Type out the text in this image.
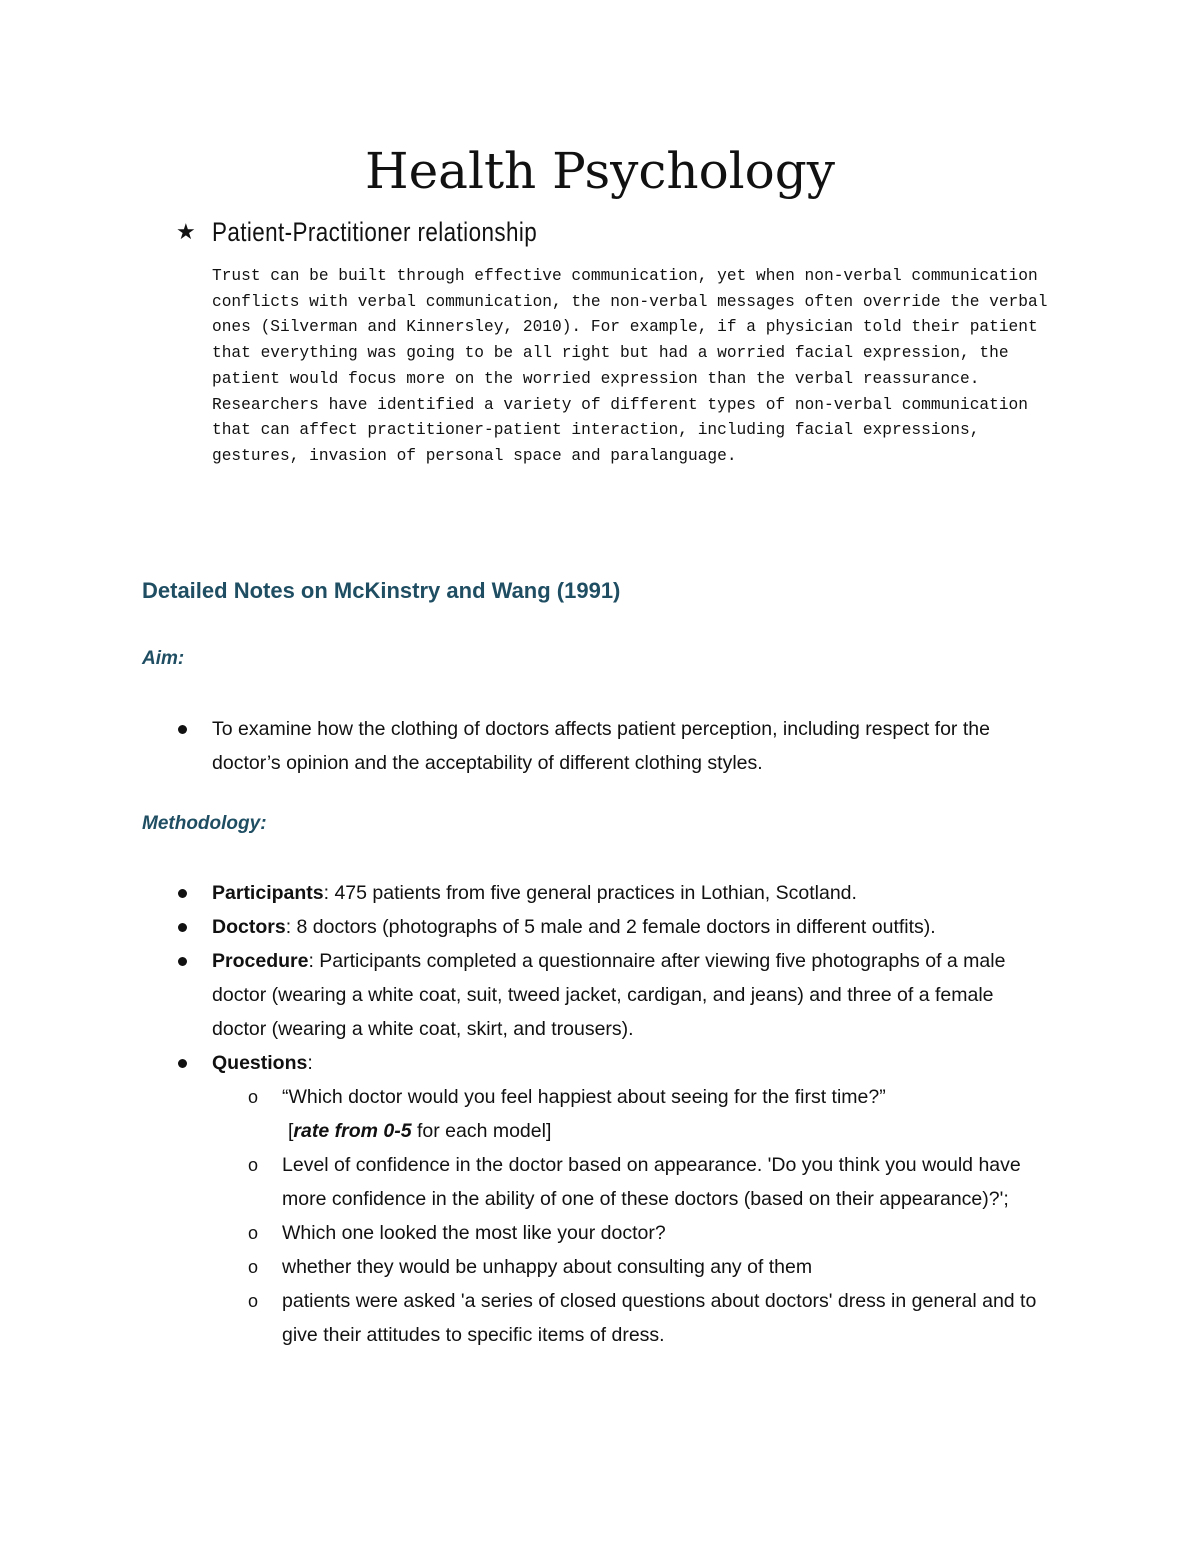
Health Psychology
★ Patient-Practitioner relationship

Trust can be built through effective communication, yet when non-verbal communication conflicts with verbal communication, the non-verbal messages often override the verbal ones (Silverman and Kinnersley, 2010). For example, if a physician told their patient that everything was going to be all right but had a worried facial expression, the patient would focus more on the worried expression than the verbal reassurance.

Researchers have identified a variety of different types of non-verbal communication that can affect practitioner-patient interaction, including facial expressions, gestures, invasion of personal space and paralanguage.

Detailed Notes on McKinstry and Wang (1991)
Aim:
To examine how the clothing of doctors affects patient perception, including respect for the doctor’s opinion and the acceptability of different clothing styles.
Methodology:
Participants: 475 patients from five general practices in Lothian, Scotland.
Doctors: 8 doctors (photographs of 5 male and 2 female doctors in different outfits).
Procedure: Participants completed a questionnaire after viewing five photographs of a male doctor (wearing a white coat, suit, tweed jacket, cardigan, and jeans) and three of a female doctor (wearing a white coat, skirt, and trousers).
Questions:
o “Which doctor would you feel happiest about seeing for the first time?”
[rate from 0-5 for each model]
o Level of confidence in the doctor based on appearance. 'Do you think you would have more confidence in the ability of one of these doctors (based on their appearance)?';
o Which one looked the most like your doctor?
o whether they would be unhappy about consulting any of them
o patients were asked 'a series of closed questions about doctors' dress in general and to give their attitudes to specific items of dress.
